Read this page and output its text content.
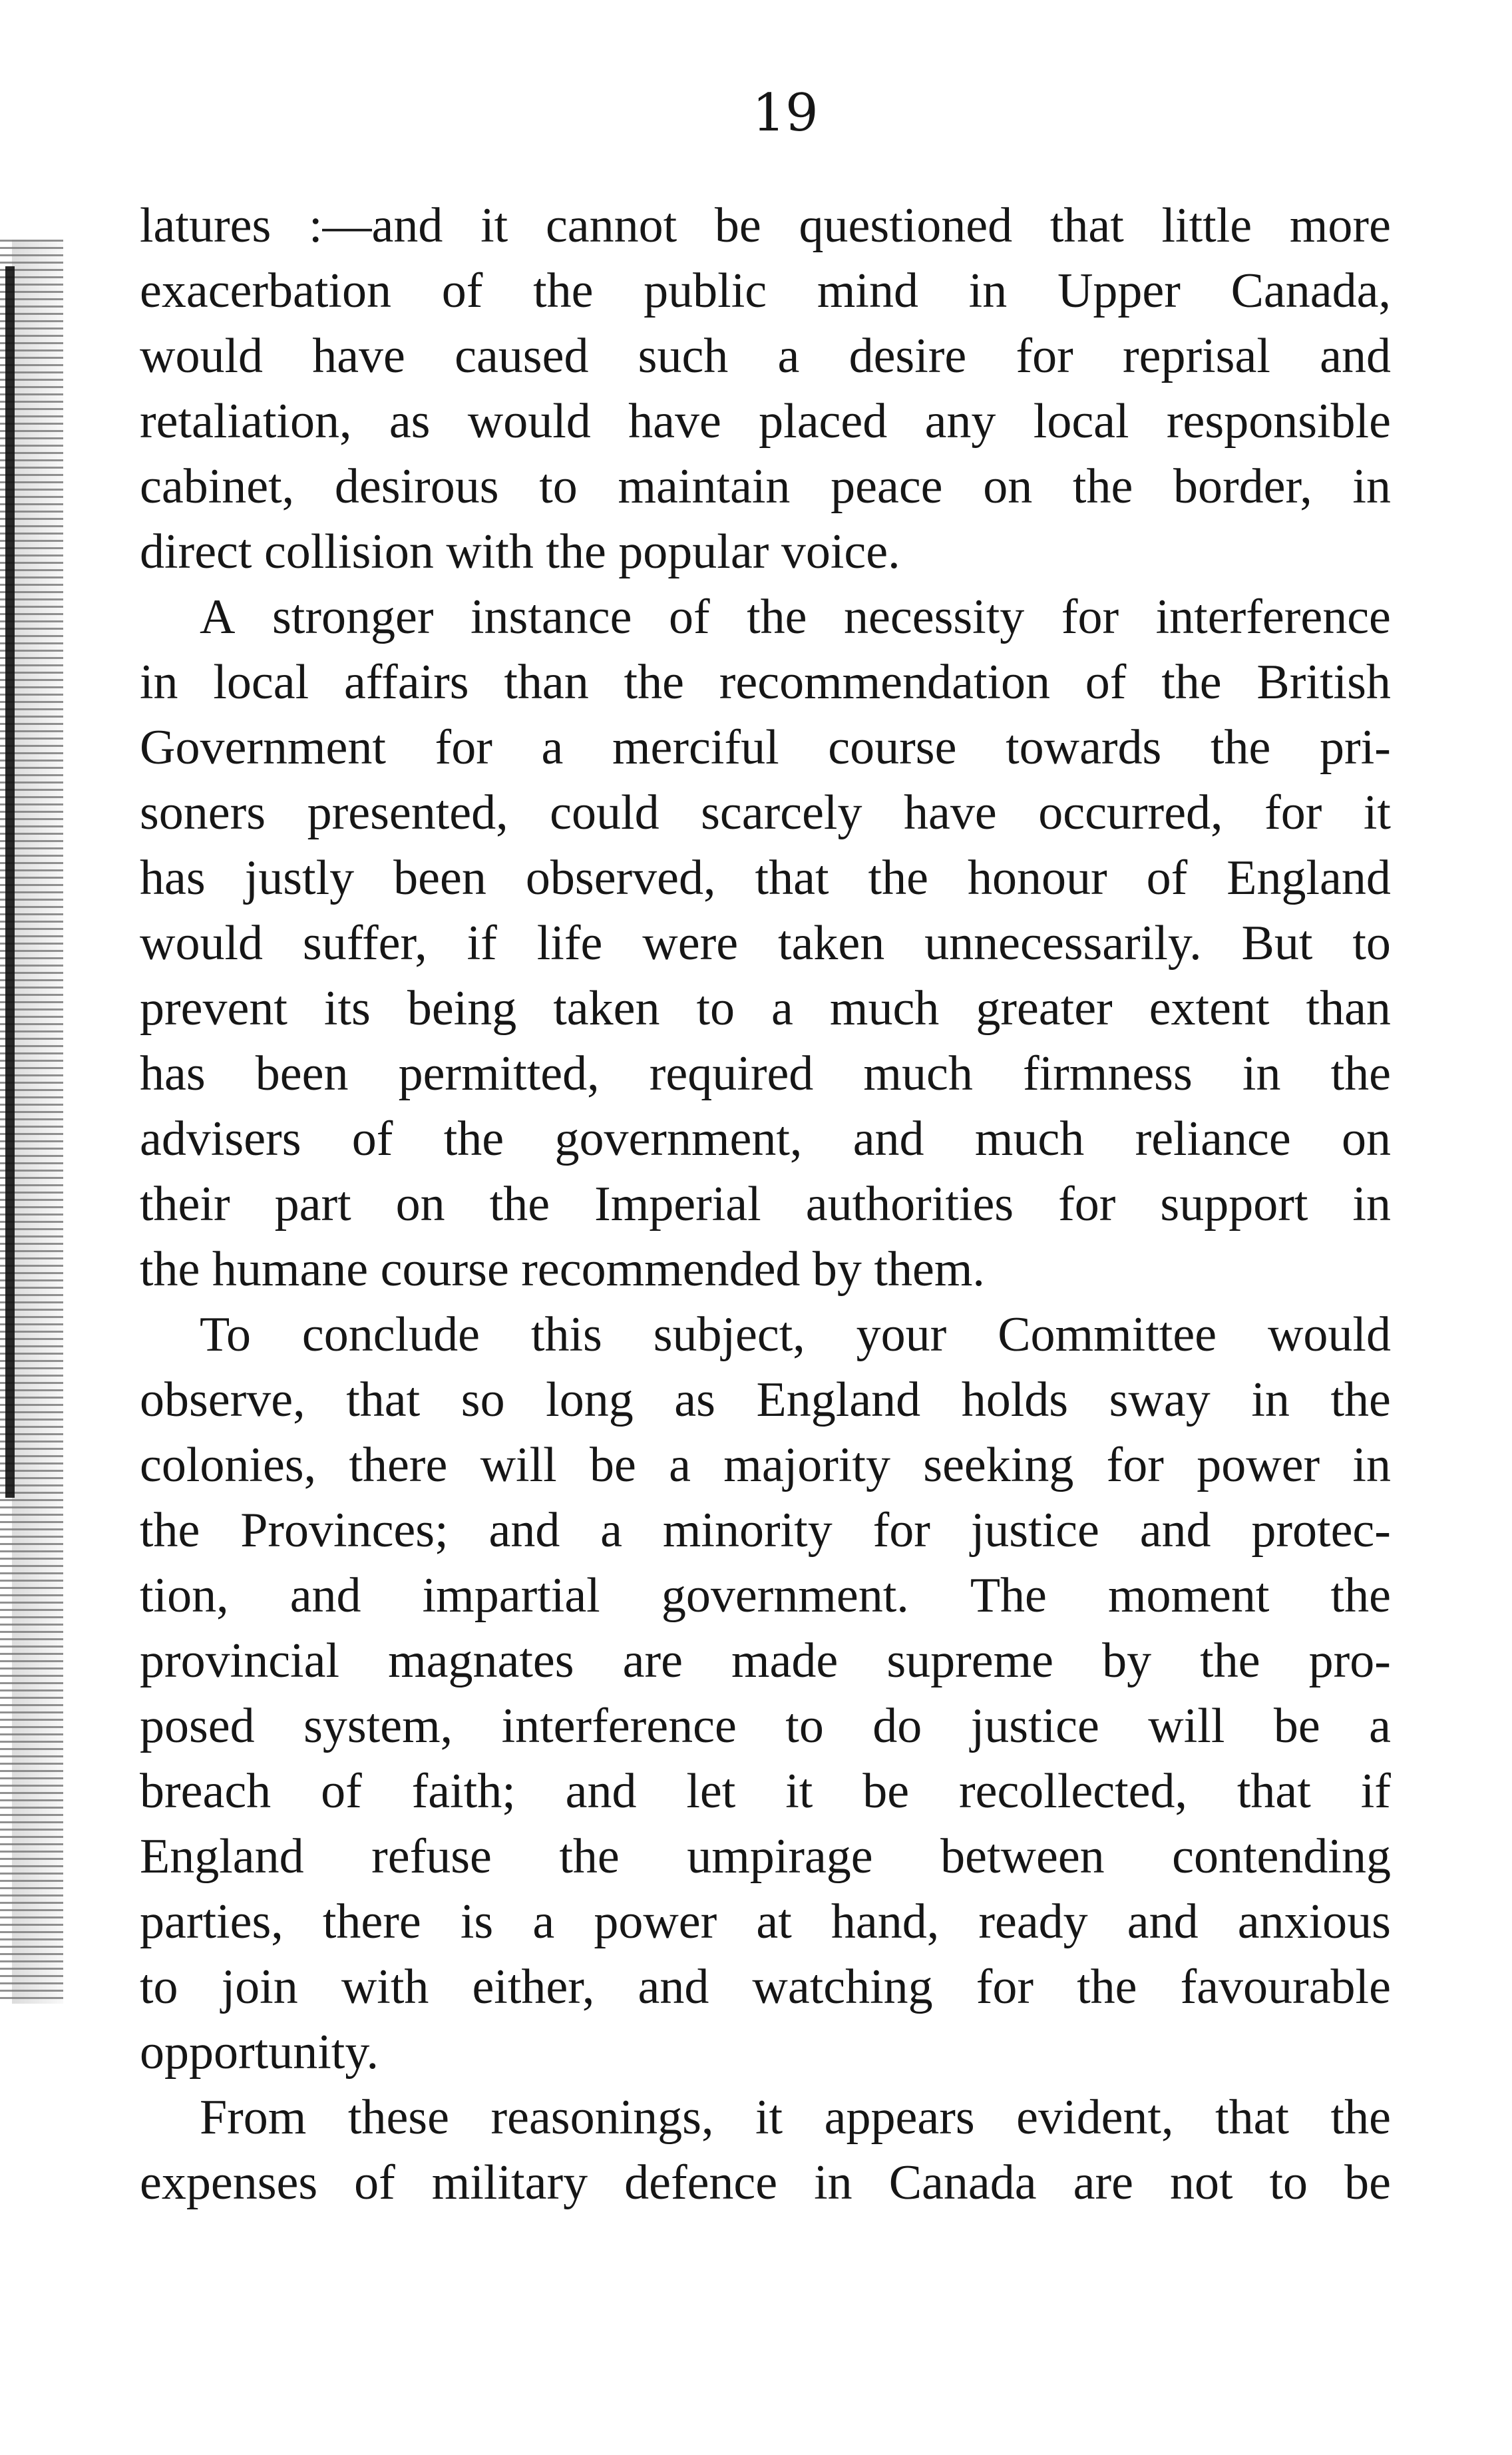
19
latures :—and it cannot be questioned that little more
exacerbation of the public mind in Upper Canada,
would have caused such a desire for reprisal and
retaliation, as would have placed any local responsible
cabinet, desirous to maintain peace on the border, in
direct collision with the popular voice.
A stronger instance of the necessity for interference
in local affairs than the recommendation of the British
Government for a merciful course towards the pri-
soners presented, could scarcely have occurred, for it
has justly been observed, that the honour of England
would suffer, if life were taken unnecessarily. But to
prevent its being taken to a much greater extent than
has been permitted, required much firmness in the
advisers of the government, and much reliance on
their part on the Imperial authorities for support in
the humane course recommended by them.
To conclude this subject, your Committee would
observe, that so long as England holds sway in the
colonies, there will be a majority seeking for power in
the Provinces; and a minority for justice and protec-
tion, and impartial government. The moment the
provincial magnates are made supreme by the pro-
posed system, interference to do justice will be a
breach of faith; and let it be recollected, that if
England refuse the umpirage between contending
parties, there is a power at hand, ready and anxious
to join with either, and watching for the favourable
opportunity.
From these reasonings, it appears evident, that the
expenses of military defence in Canada are not to be
